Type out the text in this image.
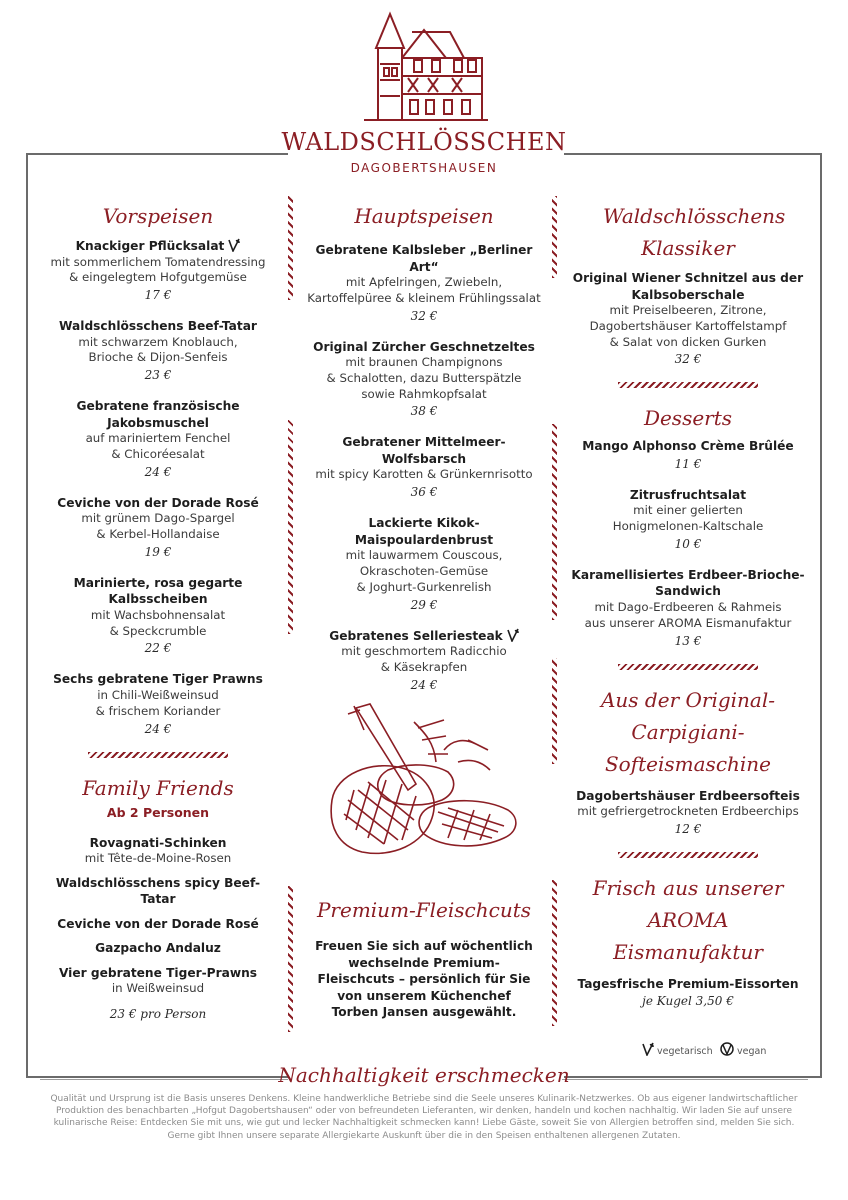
WALDSCHLÖSSCHEN
DAGOBERTSHAUSEN
Vorspeisen
Knackiger Pflücksalat
mit sommerlichem Tomatendressing
& eingelegtem Hofgutgemüse
17 €
Waldschlösschens Beef-Tatar
mit schwarzem Knoblauch,
Brioche & Dijon-Senfeis
23 €
Gebratene französische Jakobsmuschel
auf mariniertem Fenchel
& Chicoréesalat
24 €
Ceviche von der Dorade Rosé
mit grünem Dago-Spargel
& Kerbel-Hollandaise
19 €
Marinierte, rosa gegarte Kalbsscheiben
mit Wachsbohnensalat
& Speckcrumble
22 €
Sechs gebratene Tiger Prawns
in Chili-Weißweinsud
& frischem Koriander
24 €
Family Friends
Ab 2 Personen
Rovagnati-Schinken
mit Tête-de-Moine-Rosen
Waldschlösschens spicy Beef-Tatar
Ceviche von der Dorade Rosé
Gazpacho Andaluz
Vier gebratene Tiger-Prawns
in Weißweinsud
23 € pro Person
Hauptspeisen
Gebratene Kalbsleber „Berliner Art“
mit Apfelringen, Zwiebeln,
Kartoffelpüree & kleinem Frühlingssalat
32 €
Original Zürcher Geschnetzeltes
mit braunen Champignons
& Schalotten, dazu Butterspätzle
sowie Rahmkopfsalat
38 €
Gebratener Mittelmeer-Wolfsbarsch
mit spicy Karotten & Grünkernrisotto
36 €
Lackierte Kikok-Maispoulardenbrust
mit lauwarmem Couscous,
Okraschoten-Gemüse
& Joghurt-Gurkenrelish
29 €
Gebratenes Selleriesteak
mit geschmortem Radicchio
& Käsekrapfen
24 €
Premium-Fleischcuts
Freuen Sie sich auf wöchentlich wechselnde Premium-Fleischcuts – persönlich für Sie von unserem Küchenchef Torben Jansen ausgewählt.
Waldschlösschens Klassiker
Original Wiener Schnitzel aus der Kalbsoberschale
mit Preiselbeeren, Zitrone,
Dagobertshäuser Kartoffelstampf
& Salat von dicken Gurken
32 €
Desserts
Mango Alphonso Crème Brûlée
11 €
Zitrusfruchtsalat
mit einer gelierten
Honigmelonen-Kaltschale
10 €
Karamellisiertes Erdbeer-Brioche-Sandwich
mit Dago-Erdbeeren & Rahmeis
aus unserer AROMA Eismanufaktur
13 €
Aus der Original-Carpigiani-Softeismaschine
Dagobertshäuser Erdbeersofteis
mit gefriergetrockneten Erdbeerchips
12 €
Frisch aus unserer AROMA Eismanufaktur
Tagesfrische Premium-Eissorten
je Kugel 3,50 €
vegetarisch	vegan
Nachhaltigkeit erschmecken
Qualität und Ursprung ist die Basis unseres Denkens. Kleine handwerkliche Betriebe sind die Seele unseres Kulinarik-Netzwerkes. Ob aus eigener landwirtschaftlicher Produktion des benachbarten „Hofgut Dagobertshausen“ oder von befreundeten Lieferanten, wir denken, handeln und kochen nachhaltig. Wir laden Sie auf unsere kulinarische Reise: Entdecken Sie mit uns, wie gut und lecker Nachhaltigkeit schmecken kann! Liebe Gäste, soweit Sie von Allergien betroffen sind, melden Sie sich. Gerne gibt Ihnen unsere separate Allergiekarte Auskunft über die in den Speisen enthaltenen allergenen Zutaten.
